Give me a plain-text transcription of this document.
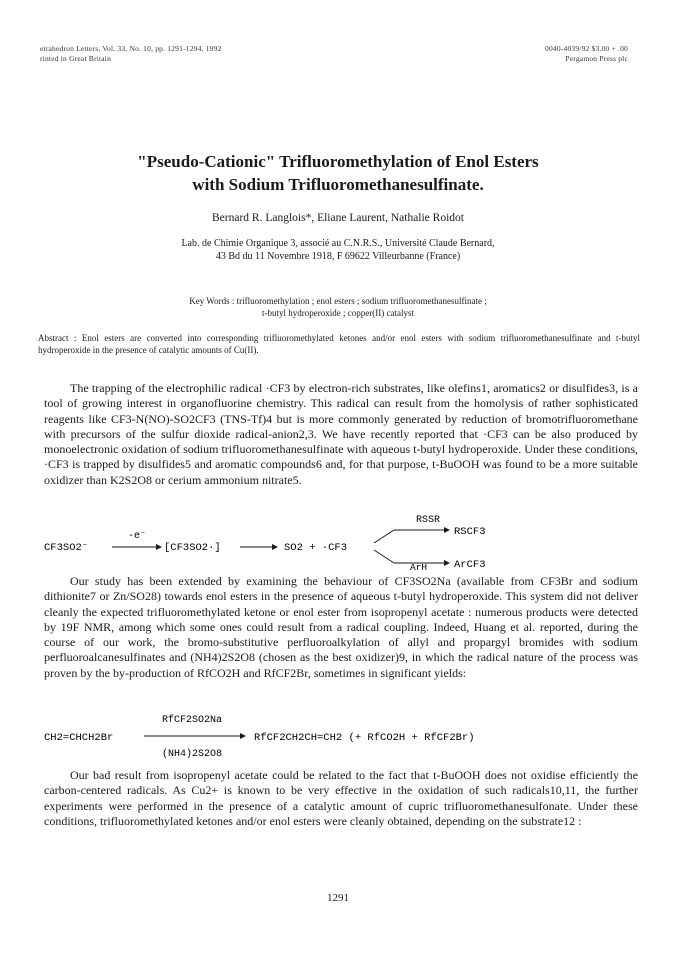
etrahedron Letters, Vol. 33, No. 10, pp. 1291-1294, 1992
rinted in Great Britain
0040-4039/92 $3.00 + .00
Pergamon Press plc
"Pseudo-Cationic" Trifluoromethylation of Enol Esters
with Sodium Trifluoromethanesulfinate.
Bernard R. Langlois*, Eliane Laurent, Nathalie Roidot
Lab. de Chimie Organique 3, associé au C.N.R.S., Université Claude Bernard,
43 Bd du 11 Novembre 1918, F 69622 Villeurbanne (France)
Key Words : trifluoromethylation ; enol esters ; sodium trifluoromethanesulfinate ;
t-butyl hydroperoxide ; copper(II) catalyst
Abstract : Enol esters are converted into corresponding trifluoromethylated ketones and/or enol esters with sodium trifluoromethanesulfinate and t-butyl hydroperoxide in the presence of catalytic amounts of Cu(II).

The trapping of the electrophilic radical ·CF3 by electron-rich substrates, like olefins1, aromatics2 or disulfides3, is a tool of growing interest in organofluorine chemistry. This radical can result from the homolysis of rather sophisticated reagents like CF3-N(NO)-SO2CF3 (TNS-Tf)4 but is more commonly generated by reduction of bromotrifluoromethane with precursors of the sulfur dioxide radical-anion2,3. We have recently reported that ·CF3 can be also produced by monoelectronic oxidation of sodium trifluoromethanesulfinate with aqueous t-butyl hydroperoxide. Under these conditions, ·CF3 is trapped by disulfides5 and aromatic compounds6 and, for that purpose, t-BuOOH was found to be a more suitable oxidizer than K2S2O8 or cerium ammonium nitrate5.

CF3SO2⁻
-e⁻
[CF3SO2·]	SO2 + ·CF3
RSSR
RSCF3
ArCF3
ArH

Our study has been extended by examining the behaviour of CF3SO2Na (available from CF3Br and sodium dithionite7 or Zn/SO28) towards enol esters in the presence of aqueous t-butyl hydroperoxide. This system did not deliver cleanly the expected trifluoromethylated ketone or enol ester from isopropenyl acetate : numerous products were detected by 19F NMR, among which some ones could result from a radical coupling. Indeed, Huang et al. reported, during the course of our work, the bromo-substitutive perfluoroalkylation of allyl and propargyl bromides with sodium perfluoroalcanesulfinates and (NH4)2S2O8 (chosen as the best oxidizer)9, in which the radical nature of the process was proven by the by-production of RfCO2H and RfCF2Br, sometimes in significant yields:

RfCF2SO2Na
CH2=CHCH2Br	RfCF2CH2CH=CH2 (+ RfCO2H + RfCF2Br)
(NH4)2S2O8

Our bad result from isopropenyl acetate could be related to the fact that t-BuOOH does not oxidise efficiently the carbon-centered radicals. As Cu2+ is known to be very effective in the oxidation of such radicals10,11, the further experiments were performed in the presence of a catalytic amount of cupric trifluoromethanesulfonate. Under these conditions, trifluoromethylated ketones and/or enol esters were cleanly obtained, depending on the substrate12 :

1291
